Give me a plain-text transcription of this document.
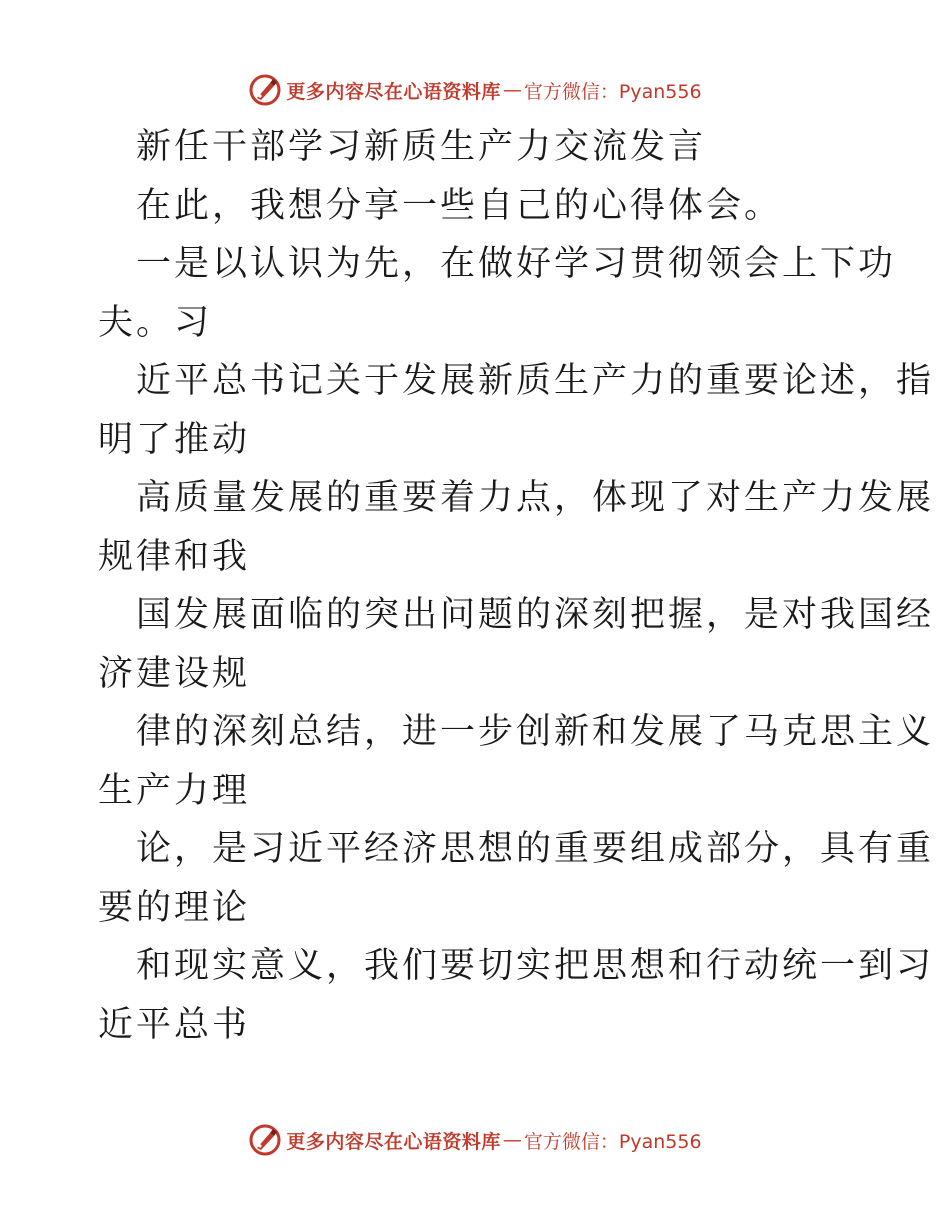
更多内容尽在心语资料库 — 官方微信：Pyan556

新任干部学习新质生产力交流发言

在此，我想分享一些自己的心得体会。

一是以认识为先，在做好学习贯彻领会上下功

夫。习

近平总书记关于发展新质生产力的重要论述，指

明了推动

高质量发展的重要着力点，体现了对生产力发展

规律和我

国发展面临的突出问题的深刻把握，是对我国经

济建设规

律的深刻总结，进一步创新和发展了马克思主义

生产力理

论，是习近平经济思想的重要组成部分，具有重

要的理论

和现实意义，我们要切实把思想和行动统一到习

近平总书

更多内容尽在心语资料库 — 官方微信：Pyan556
